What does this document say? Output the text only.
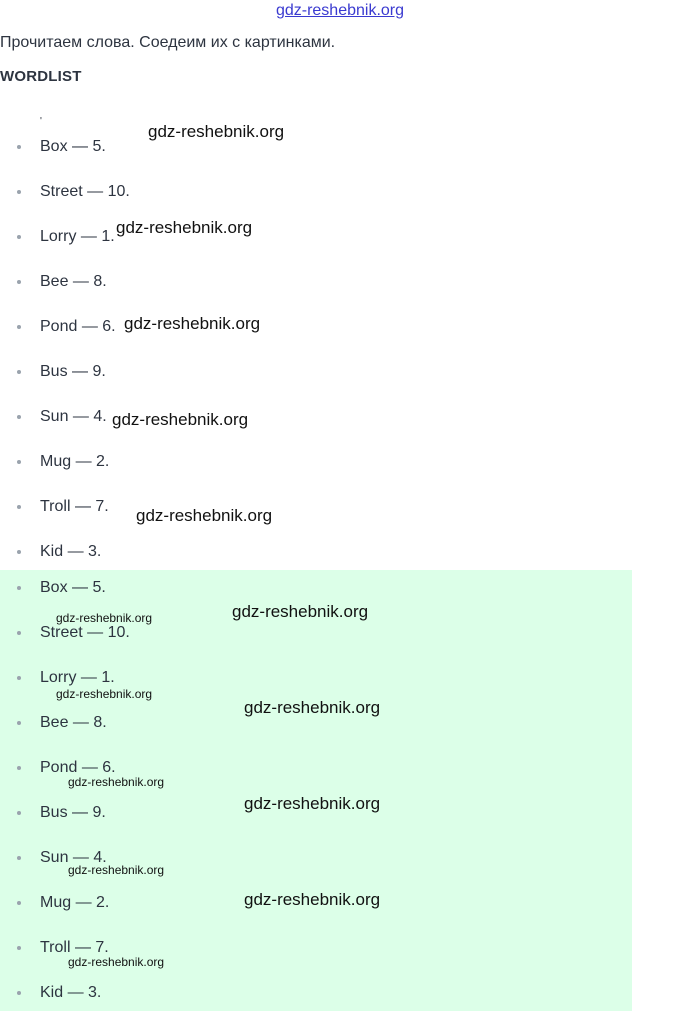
gdz-reshebnik.org
Прочитаем слова. Соедеим их с картинками.
WORDLIST
'
Box — 5.
Street — 10.
Lorry — 1.
Bee — 8.
Pond — 6.
Bus — 9.
Sun — 4.
Mug — 2.
Troll — 7.
Kid — 3.
Box — 5.
Street — 10.
Lorry — 1.
Bee — 8.
Pond — 6.
Bus — 9.
Sun — 4.
Mug — 2.
Troll — 7.
Kid — 3.
gdz-reshebnik.org
gdz-reshebnik.org
gdz-reshebnik.org
gdz-reshebnik.org
gdz-reshebnik.org
gdz-reshebnik.org
gdz-reshebnik.org
gdz-reshebnik.org
gdz-reshebnik.org
gdz-reshebnik.org
gdz-reshebnik.org
gdz-reshebnik.org
gdz-reshebnik.org
gdz-reshebnik.org
